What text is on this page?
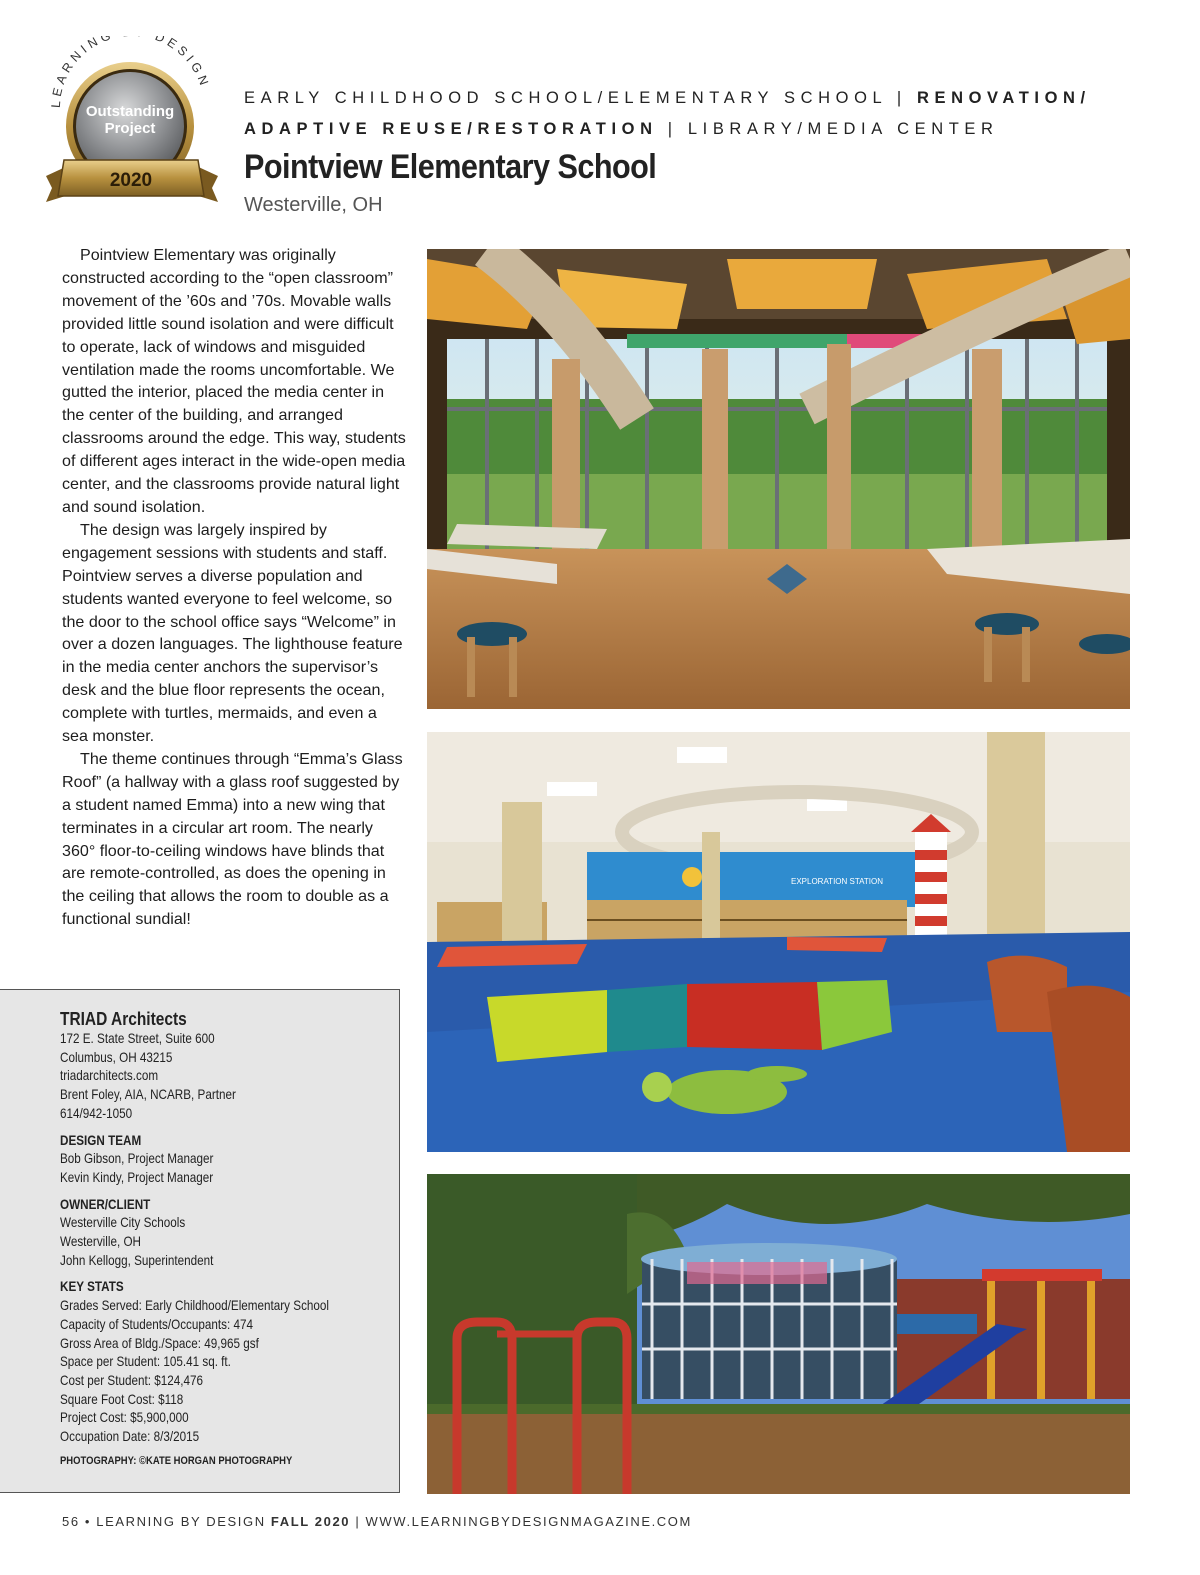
LEARNING DESIGN
Outstanding
Project
2020
EARLY CHILDHOOD SCHOOL/ELEMENTARY SCHOOL | RENOVATION/
ADAPTIVE REUSE/RESTORATION | LIBRARY/MEDIA CENTER
Pointview Elementary School
Westerville, OH

Pointview Elementary was originally constructed according to the “open classroom” movement of the ’60s and ’70s. Movable walls provided little sound isolation and were difficult to operate, lack of windows and misguided ventilation made the rooms uncomfortable. We gutted the interior, placed the media center in the center of the building, and arranged classrooms around the edge. This way, students of different ages interact in the wide-open media center, and the classrooms provide natural light and sound isolation.

The design was largely inspired by engagement sessions with students and staff. Pointview serves a diverse population and students wanted everyone to feel welcome, so the door to the school office says “Welcome” in over a dozen languages. The lighthouse feature in the media center anchors the supervisor’s desk and the blue floor represents the ocean, complete with turtles, mermaids, and even a sea monster.

The theme continues through “Emma’s Glass Roof” (a hallway with a glass roof suggested by a student named Emma) into a new wing that terminates in a circular art room. The nearly 360° floor-to-ceiling windows have blinds that are remote-controlled, as does the opening in the ceiling that allows the room to double as a functional sundial!

TRIAD Architects
172 E. State Street, Suite 600
Columbus, OH 43215
triadarchitects.com
Brent Foley, AIA, NCARB, Partner
614/942-1050
DESIGN TEAM
Bob Gibson, Project Manager
Kevin Kindy, Project Manager
OWNER/CLIENT
Westerville City Schools
Westerville, OH
John Kellogg, Superintendent
KEY STATS
Grades Served: Early Childhood/Elementary School
Capacity of Students/Occupants: 474
Gross Area of Bldg./Space: 49,965 gsf
Space per Student: 105.41 sq. ft.
Cost per Student: $124,476
Square Foot Cost: $118
Project Cost: $5,900,000
Occupation Date: 8/3/2015
PHOTOGRAPHY: ©KATE HORGAN PHOTOGRAPHY
EXPLORATION STATION
56 • LEARNING BY DESIGN FALL 2020 | WWW.LEARNINGBYDESIGNMAGAZINE.COM
